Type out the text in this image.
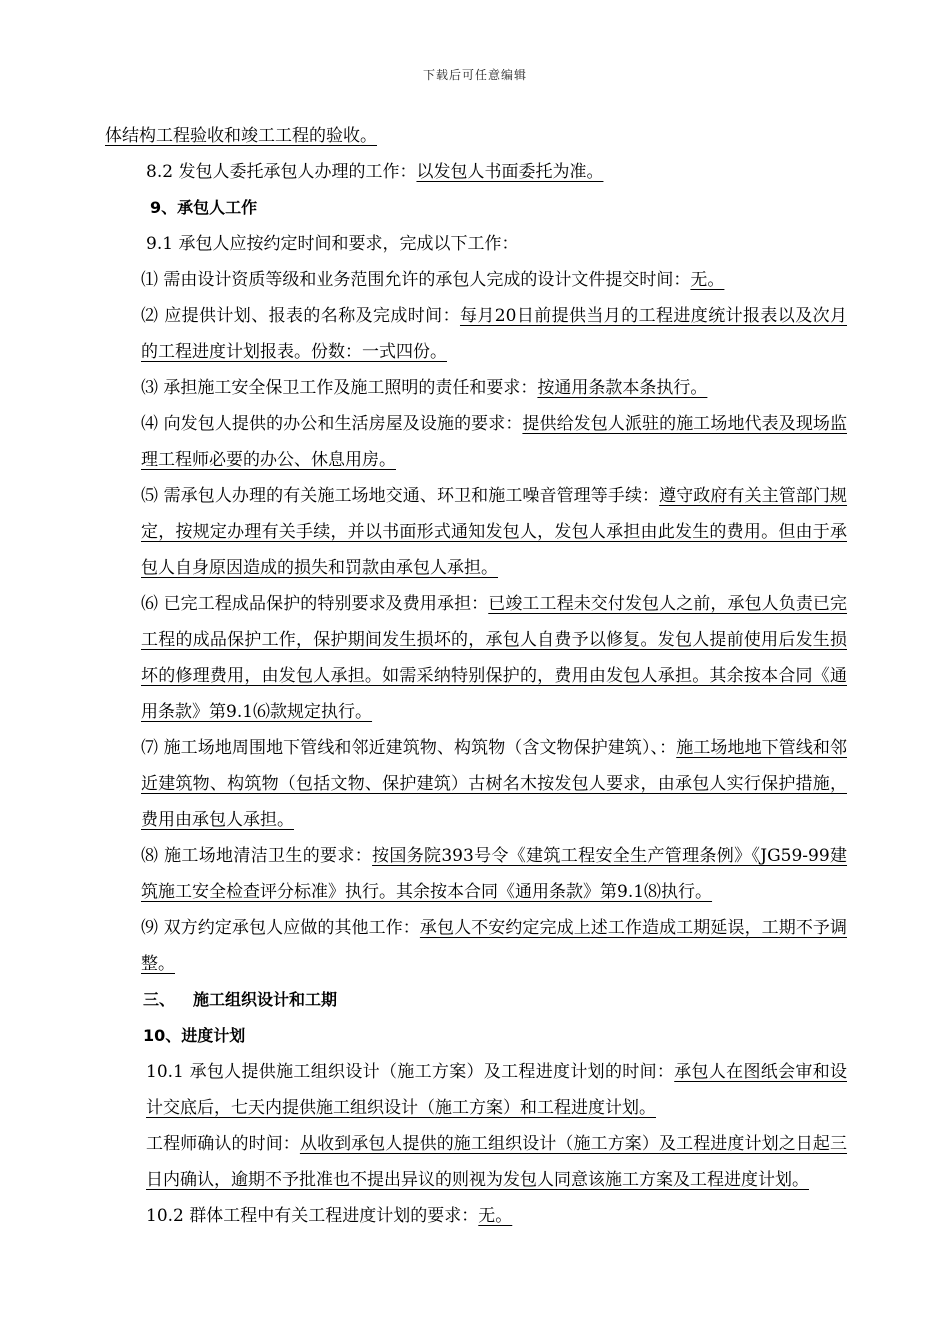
下载后可任意编辑

体结构工程验收和竣工工程的验收。

8.2 发包人委托承包人办理的工作：以发包人书面委托为准。

9、承包人工作

9.1 承包人应按约定时间和要求，完成以下工作：

⑴ 需由设计资质等级和业务范围允许的承包人完成的设计文件提交时间：无。

⑵ 应提供计划、报表的名称及完成时间：每月20日前提供当月的工程进度统计报表以及次月的工程进度计划报表。份数：一式四份。

⑶ 承担施工安全保卫工作及施工照明的责任和要求：按通用条款本条执行。

⑷ 向发包人提供的办公和生活房屋及设施的要求：提供给发包人派驻的施工场地代表及现场监理工程师必要的办公、休息用房。

⑸ 需承包人办理的有关施工场地交通、环卫和施工噪音管理等手续：遵守政府有关主管部门规定，按规定办理有关手续，并以书面形式通知发包人，发包人承担由此发生的费用。但由于承包人自身原因造成的损失和罚款由承包人承担。

⑹ 已完工程成品保护的特别要求及费用承担：已竣工工程未交付发包人之前，承包人负责已完工程的成品保护工作，保护期间发生损坏的，承包人自费予以修复。发包人提前使用后发生损坏的修理费用，由发包人承担。如需采纳特别保护的，费用由发包人承担。其余按本合同《通用条款》第9.1⑹款规定执行。

⑺ 施工场地周围地下管线和邻近建筑物、构筑物（含文物保护建筑）、：施工场地地下管线和邻近建筑物、构筑物（包括文物、保护建筑）古树名木按发包人要求，由承包人实行保护措施，费用由承包人承担。

⑻ 施工场地清洁卫生的要求：按国务院393号令《建筑工程安全生产管理条例》《JG59-99建筑施工安全检查评分标准》执行。其余按本合同《通用条款》第9.1⑻执行。

⑼ 双方约定承包人应做的其他工作：承包人不安约定完成上述工作造成工期延误，工期不予调整。

三、 施工组织设计和工期

10、进度计划

10.1 承包人提供施工组织设计（施工方案）及工程进度计划的时间：承包人在图纸会审和设计交底后，七天内提供施工组织设计（施工方案）和工程进度计划。

工程师确认的时间：从收到承包人提供的施工组织设计（施工方案）及工程进度计划之日起三日内确认，逾期不予批准也不提出异议的则视为发包人同意该施工方案及工程进度计划。

10.2 群体工程中有关工程进度计划的要求：无。
